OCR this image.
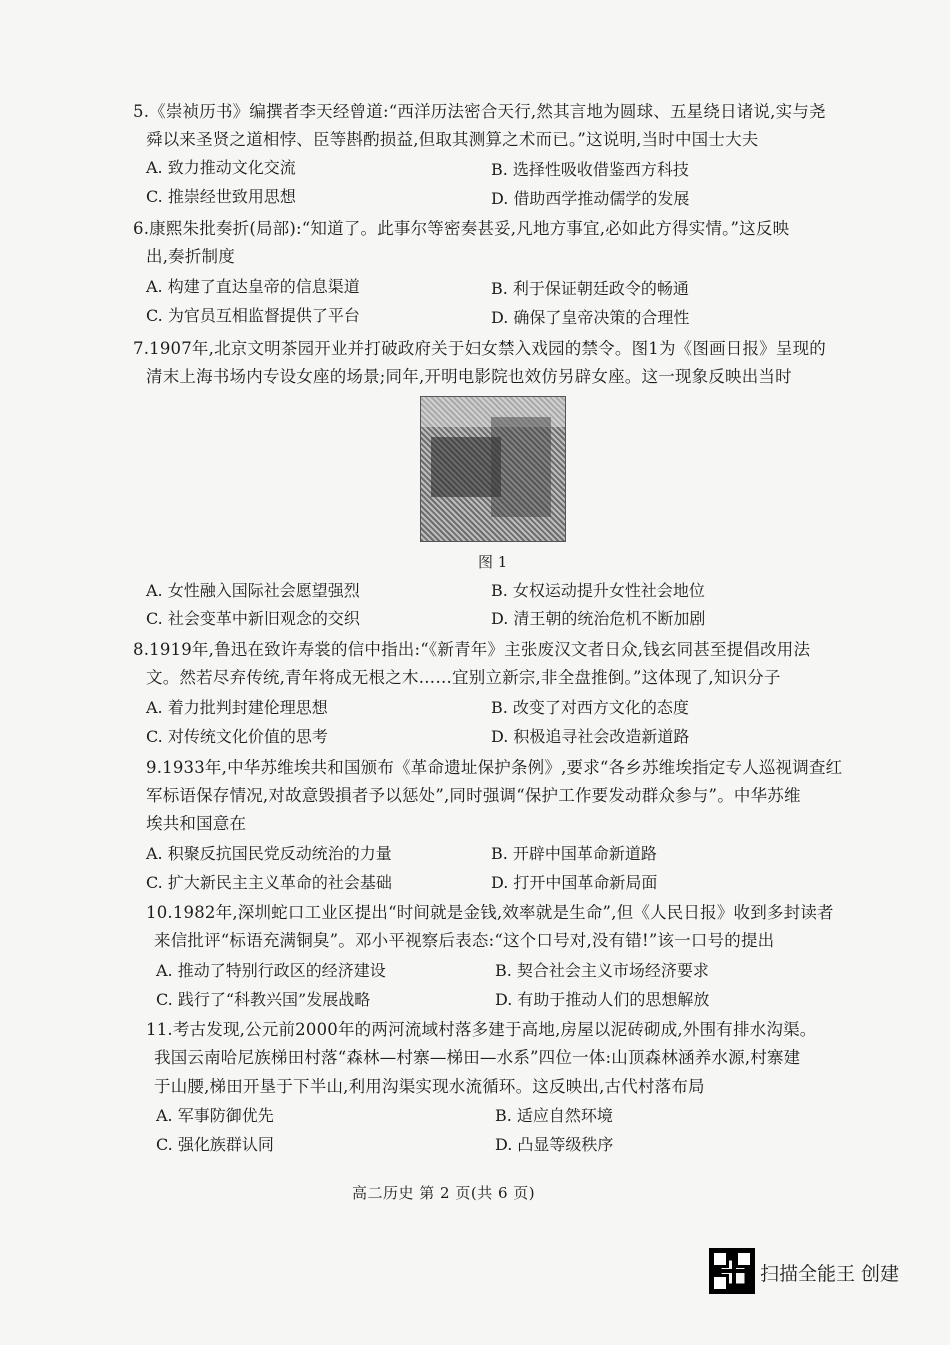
5.《崇祯历书》编撰者李天经曾道:“西洋历法密合天行,然其言地为圆球、五星绕日诸说,实与尧
舜以来圣贤之道相悖、臣等斟酌损益,但取其测算之术而已。”这说明,当时中国士大夫
A. 致力推动文化交流	B. 选择性吸收借鉴西方科技
C. 推崇经世致用思想	D. 借助西学推动儒学的发展
6.康熙朱批奏折(局部):“知道了。此事尔等密奏甚妥,凡地方事宜,必如此方得实情。”这反映
出,奏折制度
A. 构建了直达皇帝的信息渠道	B. 利于保证朝廷政令的畅通
C. 为官员互相监督提供了平台	D. 确保了皇帝决策的合理性
7.1907年,北京文明茶园开业并打破政府关于妇女禁入戏园的禁令。图1为《图画日报》呈现的
清末上海书场内专设女座的场景;同年,开明电影院也效仿另辟女座。这一现象反映出当时
图 1
A. 女性融入国际社会愿望强烈	B. 女权运动提升女性社会地位
C. 社会变革中新旧观念的交织	D. 清王朝的统治危机不断加剧
8.1919年,鲁迅在致许寿裳的信中指出:“《新青年》主张废汉文者日众,钱玄同甚至提倡改用法
文。然若尽弃传统,青年将成无根之木……宜别立新宗,非全盘推倒。”这体现了,知识分子
A. 着力批判封建伦理思想	B. 改变了对西方文化的态度
C. 对传统文化价值的思考	D. 积极追寻社会改造新道路
9.1933年,中华苏维埃共和国颁布《革命遗址保护条例》,要求“各乡苏维埃指定专人巡视调查红
军标语保存情况,对故意毁損者予以惩处”,同时强调“保护工作要发动群众参与”。中华苏维
埃共和国意在
A. 积聚反抗国民党反动统治的力量	B. 开辟中国革命新道路
C. 扩大新民主主义革命的社会基础	D. 打开中国革命新局面
10.1982年,深圳蛇口工业区提出“时间就是金钱,效率就是生命”,但《人民日报》收到多封读者
来信批评“标语充满铜臭”。邓小平视察后表态:“这个口号对,没有错!”该一口号的提出
A. 推动了特别行政区的经济建设	B. 契合社会主义市场经济要求
C. 践行了“科教兴国”发展战略	D. 有助于推动人们的思想解放
11.考古发现,公元前2000年的两河流域村落多建于高地,房屋以泥砖砌成,外围有排水沟渠。
我国云南哈尼族梯田村落“森林—村寨—梯田—水系”四位一体:山顶森林涵养水源,村寨建
于山腰,梯田开垦于下半山,利用沟渠实现水流循环。这反映出,古代村落布局
A. 军事防御优先	B. 适应自然环境
C. 强化族群认同	D. 凸显等级秩序
高二历史 第 2 页(共 6 页)
扫描全能王 创建
